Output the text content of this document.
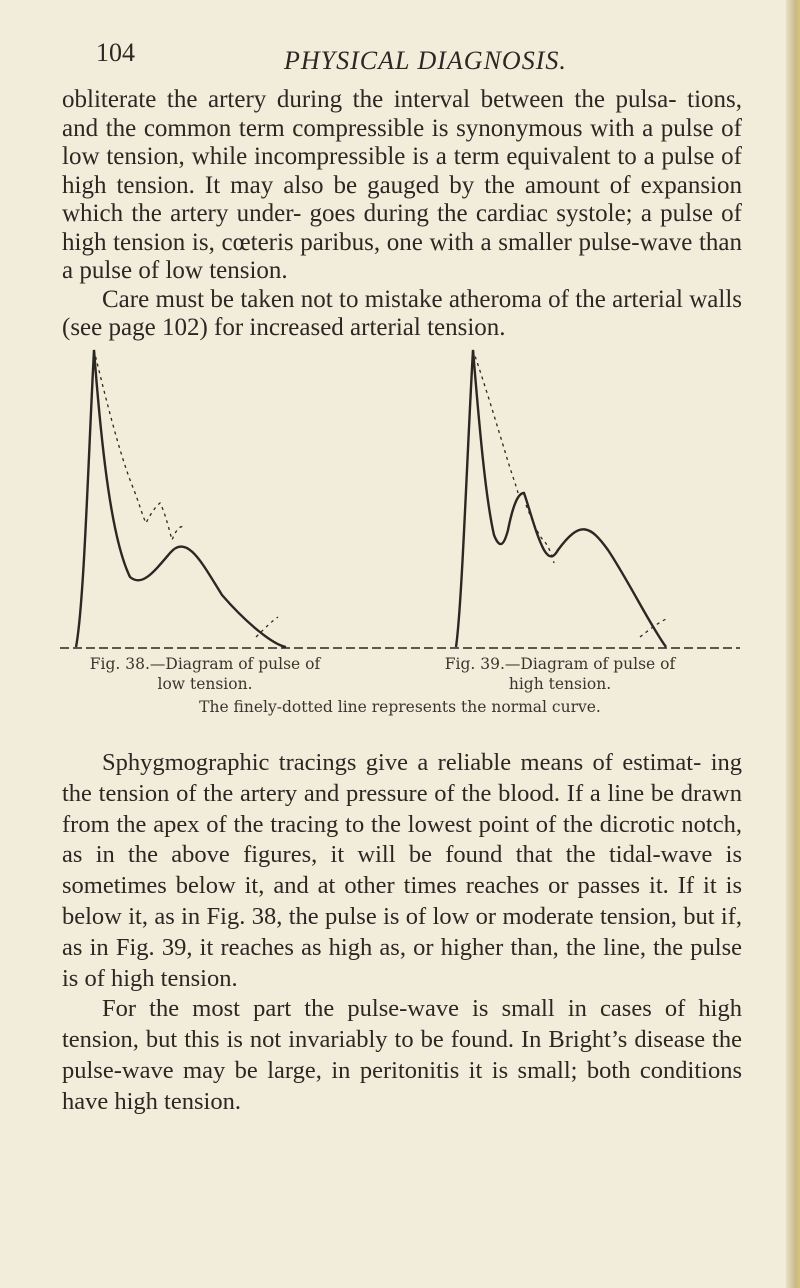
104	PHYSICAL DIAGNOSIS.

obliterate the artery during the interval between the pulsa- tions, and the common term compressible is synonymous with a pulse of low tension, while incompressible is a term equivalent to a pulse of high tension. It may also be gauged by the amount of expansion which the artery under- goes during the cardiac systole; a pulse of high tension is, cœteris paribus, one with a smaller pulse-wave than a pulse of low tension.

Care must be taken not to mistake atheroma of the arterial walls (see page 102) for increased arterial tension.

Fig. 38.—Diagram of pulse of
low tension.
Fig. 39.—Diagram of pulse of
high tension.
The finely-dotted line represents the normal curve.

Sphygmographic tracings give a reliable means of estimat- ing the tension of the artery and pressure of the blood. If a line be drawn from the apex of the tracing to the lowest point of the dicrotic notch, as in the above figures, it will be found that the tidal-wave is sometimes below it, and at other times reaches or passes it. If it is below it, as in Fig. 38, the pulse is of low or moderate tension, but if, as in Fig. 39, it reaches as high as, or higher than, the line, the pulse is of high tension.

For the most part the pulse-wave is small in cases of high tension, but this is not invariably to be found. In Bright’s disease the pulse-wave may be large, in peritonitis it is small; both conditions have high tension.
